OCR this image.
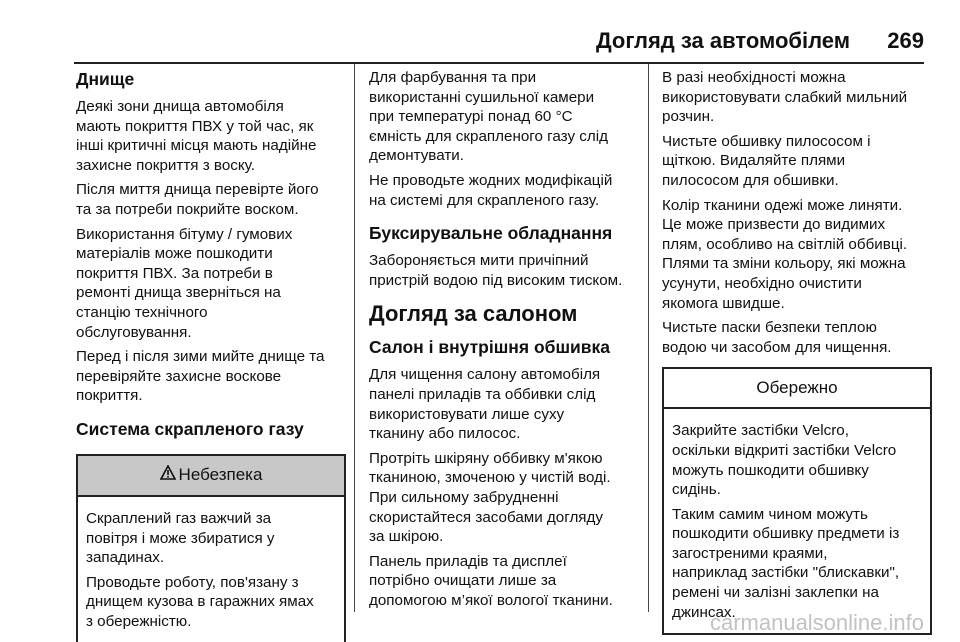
Догляд за автомобілем 269
Днище

Деякі зони днища автомобіля
мають покриття ПВХ у той час, як
інші критичні місця мають надійне
захисне покриття з воску.

Після миття днища перевірте його
та за потреби покрийте воском.

Використання бітуму / гумових
матеріалів може пошкодити
покриття ПВХ. За потреби в
ремонті днища зверніться на
станцію технічного
обслуговування.

Перед і після зими мийте днище та
перевіряйте захисне воскове
покриття.

Система скрапленого газу
Небезпека

Скраплений газ важчий за
повітря і може збиратися у
западинах.

Проводьте роботу, пов'язану з
днищем кузова в гаражних ямах
з обережністю.

Для фарбування та при
використанні сушильної камери
при температурі понад 60 °C
ємність для скрапленого газу слід
демонтувати.

Не проводьте жодних модифікацій
на системі для скрапленого газу.

Буксирувальне обладнання

Забороняється мити причіпний
пристрій водою під високим тиском.

Догляд за салоном
Салон і внутрішня обшивка

Для чищення салону автомобіля
панелі приладів та оббивки слід
використовувати лише суху
тканину або пилосос.

Протріть шкіряну оббивку м'якою
тканиною, змоченою у чистій воді.
При сильному забрудненні
скористайтеся засобами догляду
за шкірою.

Панель приладів та дисплеї
потрібно очищати лише за
допомогою м’якої вологої тканини.

В разі необхідності можна
використовувати слабкий мильний
розчин.

Чистьте обшивку пилососом і
щіткою. Видаляйте плями
пилососом для обшивки.

Колір тканини одежі може линяти.
Це може призвести до видимих
плям, особливо на світлій оббивці.
Плями та зміни кольору, які можна
усунути, необхідно очистити
якомога швидше.

Чистьте паски безпеки теплою
водою чи засобом для чищення.

Обережно

Закрийте застібки Velcro,
оскільки відкриті застібки Velcro
можуть пошкодити обшивку
сидінь.

Таким самим чином можуть
пошкодити обшивку предмети із
загостреними краями,
наприклад застібки "блискавки",
ремені чи залізні заклепки на
джинсах.

carmanualsonline.info
